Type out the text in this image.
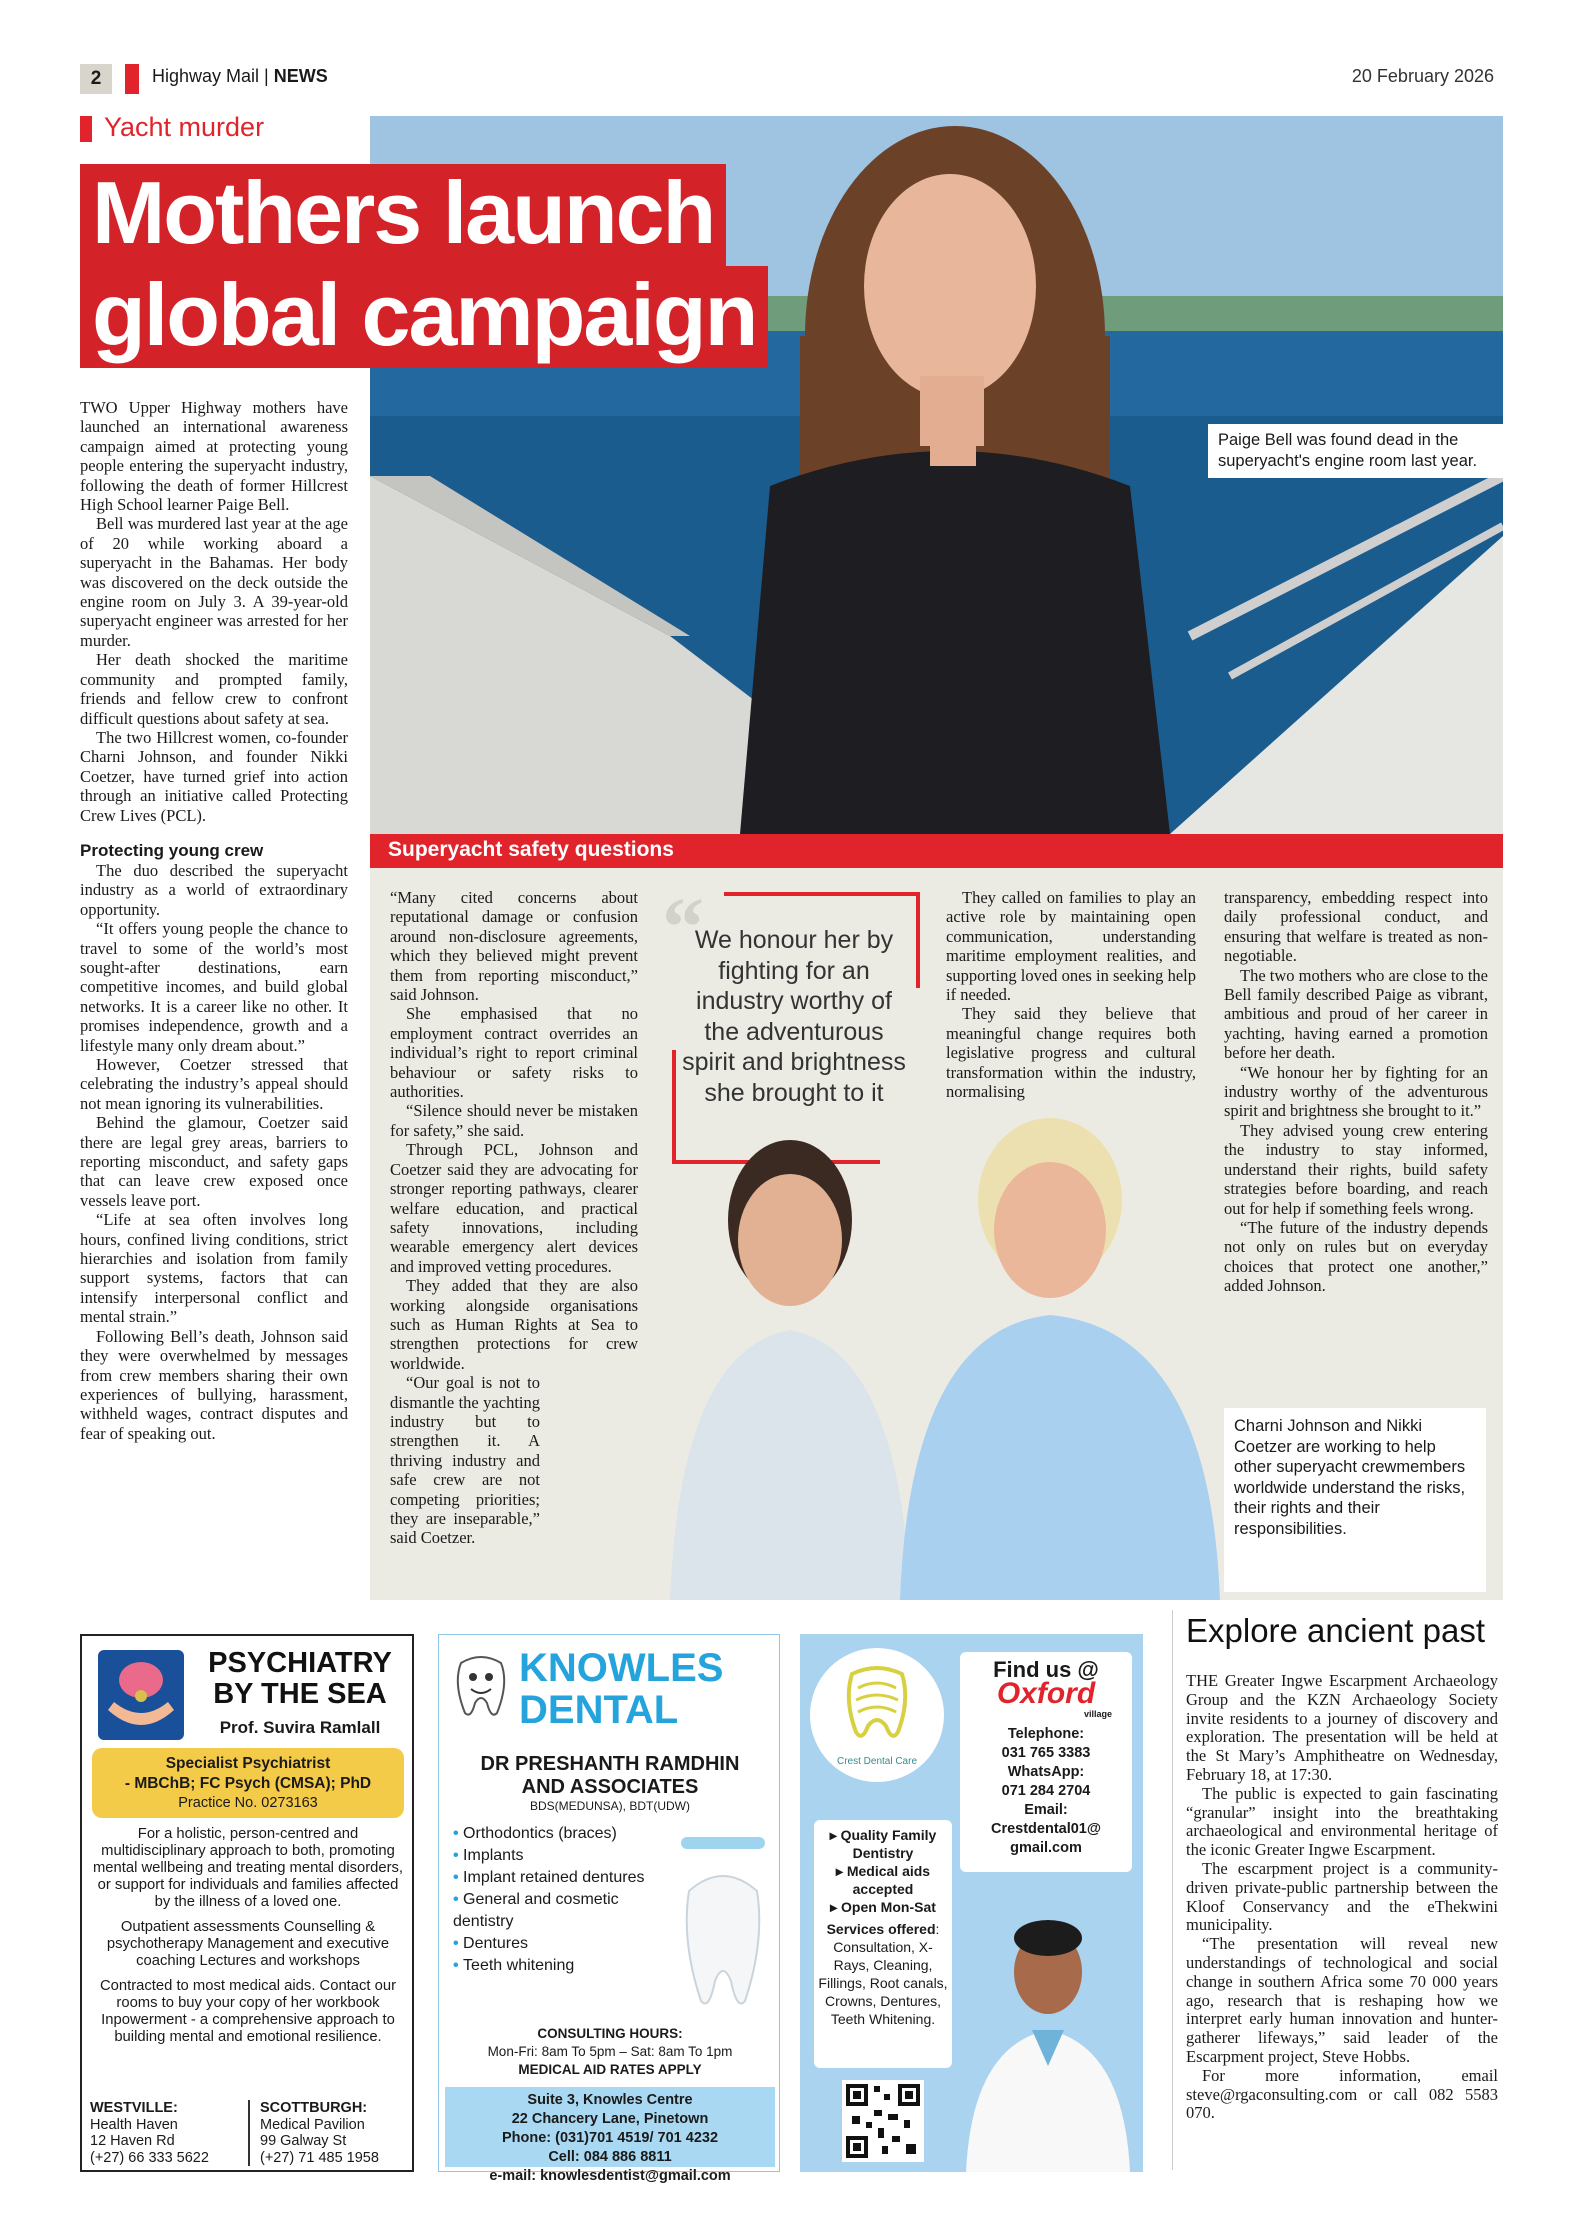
2	Highway Mail | NEWS	20 February 2026
Yacht murder
Mothers launch
global campaign
Paige Bell was found dead in the superyacht's engine room last year.

TWO Upper Highway mothers have launched an international awareness campaign aimed at protecting young people entering the superyacht industry, following the death of former Hillcrest High School learner Paige Bell.

Bell was murdered last year at the age of 20 while working aboard a superyacht in the Bahamas. Her body was discovered on the deck outside the engine room on July 3. A 39-year-old superyacht engineer was arrested for her murder.

Her death shocked the maritime community and prompted family, friends and fellow crew to confront difficult questions about safety at sea.

The two Hillcrest women, co-founder Charni Johnson, and founder Nikki Coetzer, have turned grief into action through an initiative called Protecting Crew Lives (PCL).

Protecting young crew

The duo described the superyacht industry as a world of extraordinary opportunity.

“It offers young people the chance to travel to some of the world’s most sought-after destinations, earn competitive incomes, and build global networks. It is a career like no other. It promises independence, growth and a lifestyle many only dream about.”

However, Coetzer stressed that celebrating the industry’s appeal should not mean ignoring its vulnerabilities.

Behind the glamour, Coetzer said there are legal grey areas, barriers to reporting misconduct, and safety gaps that can leave crew exposed once vessels leave port.

“Life at sea often involves long hours, confined living conditions, strict hierarchies and isolation from family support systems, factors that can intensify interpersonal conflict and mental strain.”

Following Bell’s death, Johnson said they were overwhelmed by messages from crew members sharing their own experiences of bullying, harassment, withheld wages, contract disputes and fear of speaking out.

Superyacht safety questions

“Many cited concerns about reputational damage or confusion around non-disclosure agreements, which they believed might prevent them from reporting misconduct,” said Johnson.

She emphasised that no employment contract overrides an individual’s right to report criminal behaviour or safety risks to authorities.

“Silence should never be mistaken for safety,” she said.

Through PCL, Johnson and Coetzer said they are advocating for stronger reporting pathways, clearer welfare education, and practical safety innovations, including wearable emergency alert devices and improved vetting procedures.

They added that they are also working alongside organisations such as Human Rights at Sea to strengthen protections for crew worldwide.

“Our goal is not to dismantle the yachting industry but to strengthen it. A thriving industry and safe crew are not competing priorities; they are inseparable,” said Coetzer.

“
We honour her by fighting for an industry worthy of the adventurous spirit and brightness she brought to it

They called on families to play an active role by maintaining open communication, understanding maritime employment realities, and supporting loved ones in seeking help if needed.

They said they believe that meaningful change requires both legislative progress and cultural transformation within the industry, normalising

transparency, embedding respect into daily professional conduct, and ensuring that welfare is treated as non-negotiable.

The two mothers who are close to the Bell family described Paige as vibrant, ambitious and proud of her career in yachting, having earned a promotion before her death.

“We honour her by fighting for an industry worthy of the adventurous spirit and brightness she brought to it.”

They advised young crew entering the industry to stay informed, understand their rights, build safety strategies before boarding, and reach out for help if something feels wrong.

“The future of the industry depends not only on rules but on everyday choices that protect one another,” added Johnson.

Charni Johnson and Nikki Coetzer are working to help other superyacht crewmembers worldwide understand the risks, their rights and their responsibilities.
PSYCHIATRY BY THE SEA
Prof. Suvira Ramlall
Specialist Psychiatrist
- MBChB; FC Psych (CMSA); PhD
Practice No. 0273163

For a holistic, person-centred and multidisciplinary approach to both, promoting mental wellbeing and treating mental disorders, or support for individuals and families affected by the illness of a loved one.

Outpatient assessments Counselling & psychotherapy Management and executive coaching Lectures and workshops

Contracted to most medical aids. Contact our rooms to buy your copy of her workbook Inpowerment - a comprehensive approach to building mental and emotional resilience.

WESTVILLE:
Health Haven
12 Haven Rd
(+27) 66 333 5622
SCOTTBURGH:
Medical Pavilion
99 Galway St
(+27) 71 485 1958
KNOWLES
DENTAL
DR PRESHANTH RAMDHIN
AND ASSOCIATES
BDS(MEDUNSA), BDT(UDW)
• Orthodontics (braces)
• Implants
• Implant retained dentures
• General and cosmetic dentistry
• Dentures
• Teeth whitening
CONSULTING HOURS:
Mon-Fri: 8am To 5pm – Sat: 8am To 1pm
MEDICAL AID RATES APPLY
Suite 3, Knowles Centre
22 Chancery Lane, Pinetown
Phone: (031)701 4519/ 701 4232
Cell: 084 886 8811
e-mail: knowlesdentist@gmail.com
Crest Dental Care
Find us @
Oxford
village
Telephone:
031 765 3383
WhatsApp:
071 284 2704
Email:
Crestdental01@
gmail.com
▸ Quality Family Dentistry
▸ Medical aids accepted
▸ Open Mon-Sat
Services offered: Consultation, X-Rays, Cleaning, Fillings, Root canals, Crowns, Dentures, Teeth Whitening.
Explore ancient past

THE Greater Ingwe Escarpment Archaeology Group and the KZN Archaeology Society invite residents to a journey of discovery and exploration. The presentation will be held at the St Mary’s Amphitheatre on Wednesday, February 18, at 17:30.

The public is expected to gain fascinating “granular” insight into the breathtaking archaeological and environmental heritage of the iconic Greater Ingwe Escarpment.

The escarpment project is a community-driven private-public partnership between the Kloof Conservancy and the eThekwini municipality.

“The presentation will reveal new understandings of technological and social change in southern Africa some 70 000 years ago, research that is reshaping how we interpret early human innovation and hunter-gatherer lifeways,” said leader of the Escarpment project, Steve Hobbs.

For more information, email steve@rgaconsulting.com or call 082 5583 070.
